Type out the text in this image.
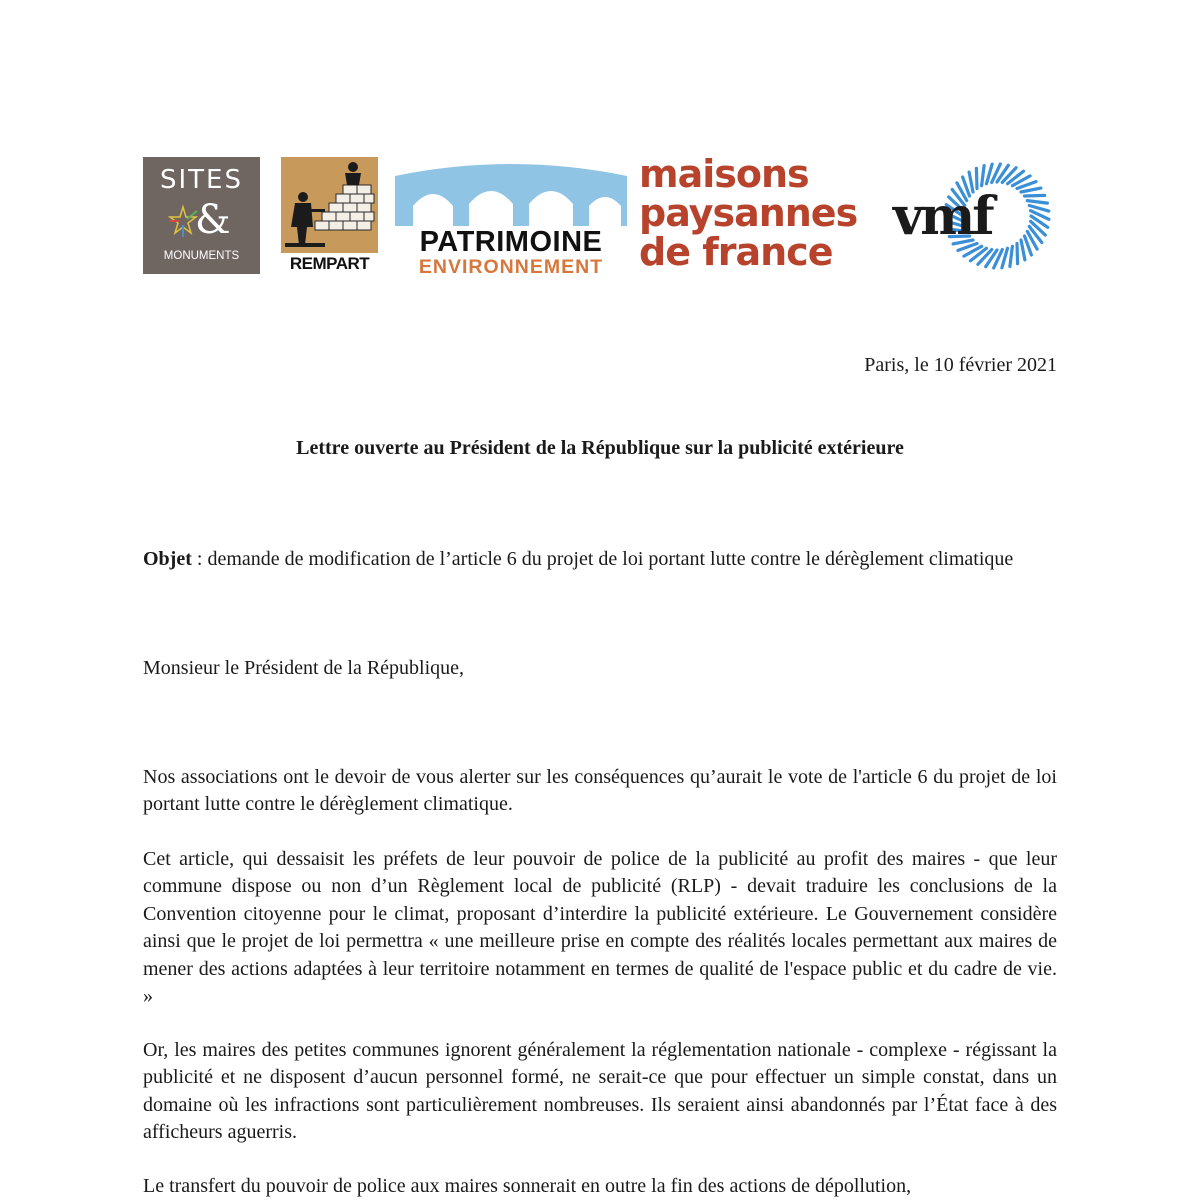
SITES
&
MONUMENTS	REMPART
PATRIMOINE
ENVIRONNEMENT
maisons
paysannes
de france
vmf
Paris, le 10 février 2021
Lettre ouverte au Président de la République sur la publicité extérieure

Objet : demande de modification de l’article 6 du projet de loi portant lutte contre le dérèglement climatique

Monsieur le Président de la République,

Nos associations ont le devoir de vous alerter sur les conséquences qu’aurait le vote de l'article 6 du projet de loi portant lutte contre le dérèglement climatique.

Cet article, qui dessaisit les préfets de leur pouvoir de police de la publicité au profit des maires - que leur commune dispose ou non d’un Règlement local de publicité (RLP) - devait traduire les conclusions de la Convention citoyenne pour le climat, proposant d’interdire la publicité extérieure. Le Gouvernement considère ainsi que le projet de loi permettra « une meilleure prise en compte des réalités locales permettant aux maires de mener des actions adaptées à leur territoire notamment en termes de qualité de l'espace public et du cadre de vie. »

Or, les maires des petites communes ignorent généralement la réglementation nationale - complexe - régissant la publicité et ne disposent d’aucun personnel formé, ne serait-ce que pour effectuer un simple constat, dans un domaine où les infractions sont particulièrement nombreuses. Ils seraient ainsi abandonnés par l’État face à des afficheurs aguerris.

Le transfert du pouvoir de police aux maires sonnerait en outre la fin des actions de dépollution,
